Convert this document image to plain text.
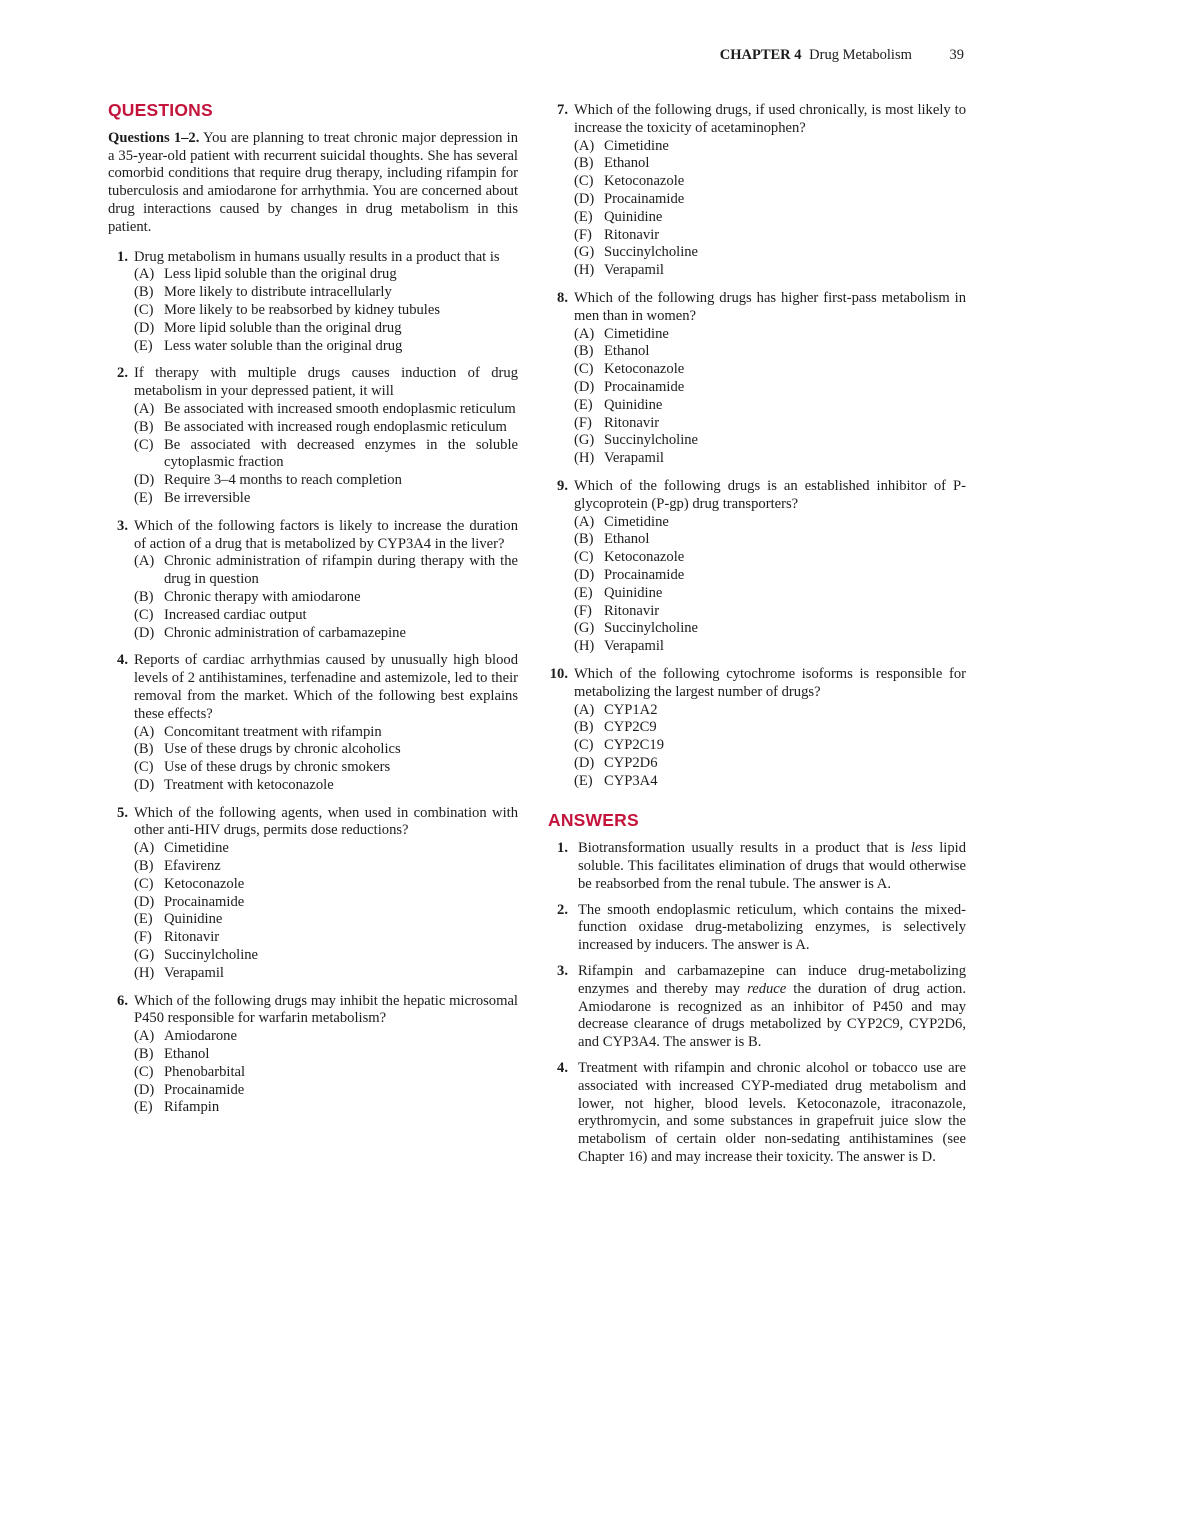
CHAPTER 4 Drug Metabolism	39
QUESTIONS

Questions 1–2. You are planning to treat chronic major depression in a 35-year-old patient with recurrent suicidal thoughts. She has several comorbid conditions that require drug therapy, including rifampin for tuberculosis and amiodarone for arrhythmia. You are concerned about drug interactions caused by changes in drug metabolism in this patient.

1. Drug metabolism in humans usually results in a product that is
(A) Less lipid soluble than the original drug
(B) More likely to distribute intracellularly
(C) More likely to be reabsorbed by kidney tubules
(D) More lipid soluble than the original drug
(E) Less water soluble than the original drug
2. If therapy with multiple drugs causes induction of drug metabolism in your depressed patient, it will
(A) Be associated with increased smooth endoplasmic reticulum
(B) Be associated with increased rough endoplasmic reticulum
(C) Be associated with decreased enzymes in the soluble cytoplasmic fraction
(D) Require 3–4 months to reach completion
(E) Be irreversible
3. Which of the following factors is likely to increase the duration of action of a drug that is metabolized by CYP3A4 in the liver?
(A) Chronic administration of rifampin during therapy with the drug in question
(B) Chronic therapy with amiodarone
(C) Increased cardiac output
(D) Chronic administration of carbamazepine
4. Reports of cardiac arrhythmias caused by unusually high blood levels of 2 antihistamines, terfenadine and astemizole, led to their removal from the market. Which of the following best explains these effects?
(A) Concomitant treatment with rifampin
(B) Use of these drugs by chronic alcoholics
(C) Use of these drugs by chronic smokers
(D) Treatment with ketoconazole
5. Which of the following agents, when used in combination with other anti-HIV drugs, permits dose reductions?
(A) Cimetidine
(B) Efavirenz
(C) Ketoconazole
(D) Procainamide
(E) Quinidine
(F) Ritonavir
(G) Succinylcholine
(H) Verapamil
6. Which of the following drugs may inhibit the hepatic microsomal P450 responsible for warfarin metabolism?
(A) Amiodarone
(B) Ethanol
(C) Phenobarbital
(D) Procainamide
(E) Rifampin
7. Which of the following drugs, if used chronically, is most likely to increase the toxicity of acetaminophen?
(A) Cimetidine
(B) Ethanol
(C) Ketoconazole
(D) Procainamide
(E) Quinidine
(F) Ritonavir
(G) Succinylcholine
(H) Verapamil
8. Which of the following drugs has higher first-pass metabolism in men than in women?
(A) Cimetidine
(B) Ethanol
(C) Ketoconazole
(D) Procainamide
(E) Quinidine
(F) Ritonavir
(G) Succinylcholine
(H) Verapamil
9. Which of the following drugs is an established inhibitor of P-glycoprotein (P-gp) drug transporters?
(A) Cimetidine
(B) Ethanol
(C) Ketoconazole
(D) Procainamide
(E) Quinidine
(F) Ritonavir
(G) Succinylcholine
(H) Verapamil
10. Which of the following cytochrome isoforms is responsible for metabolizing the largest number of drugs?
(A) CYP1A2
(B) CYP2C9
(C) CYP2C19
(D) CYP2D6
(E) CYP3A4
ANSWERS
1. Biotransformation usually results in a product that is less lipid soluble. This facilitates elimination of drugs that would otherwise be reabsorbed from the renal tubule. The answer is A.
2. The smooth endoplasmic reticulum, which contains the mixed-function oxidase drug-metabolizing enzymes, is selectively increased by inducers. The answer is A.
3. Rifampin and carbamazepine can induce drug-metabolizing enzymes and thereby may reduce the duration of drug action. Amiodarone is recognized as an inhibitor of P450 and may decrease clearance of drugs metabolized by CYP2C9, CYP2D6, and CYP3A4. The answer is B.
4. Treatment with rifampin and chronic alcohol or tobacco use are associated with increased CYP-mediated drug metabolism and lower, not higher, blood levels. Ketoconazole, itraconazole, erythromycin, and some substances in grapefruit juice slow the metabolism of certain older non-sedating antihistamines (see Chapter 16) and may increase their toxicity. The answer is D.
